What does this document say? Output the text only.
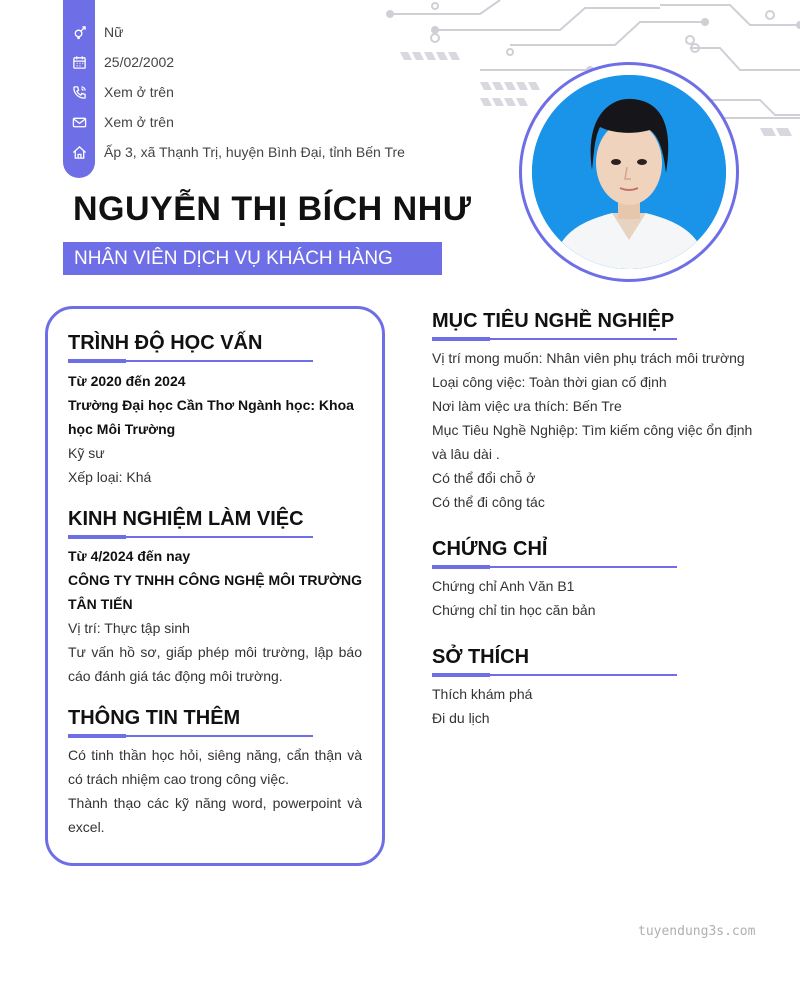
Nữ
25/02/2002
Xem ở trên
Xem ở trên
Ấp 3, xã Thạnh Trị, huyện Bình Đại, tỉnh Bến Tre
NGUYỄN THỊ BÍCH NHƯ
NHÂN VIÊN DỊCH VỤ KHÁCH HÀNG
TRÌNH ĐỘ HỌC VẤN
Từ 2020 đến 2024
Trường Đại học Cần Thơ Ngành học: Khoa học Môi Trường
Kỹ sư
Xếp loại: Khá
KINH NGHIỆM LÀM VIỆC
Từ 4/2024 đến nay
CÔNG TY TNHH CÔNG NGHỆ MÔI TRƯỜNG TÂN TIẾN
Vị trí: Thực tập sinh
Tư vấn hồ sơ, giấp phép môi trường, lập báo cáo đánh giá tác động môi trường.
THÔNG TIN THÊM
Có tinh thần học hỏi, siêng năng, cẩn thận và có trách nhiệm cao trong công việc.
Thành thạo các kỹ năng word, powerpoint và excel.
MỤC TIÊU NGHỀ NGHIỆP
Vị trí mong muốn: Nhân viên phụ trách môi trường
Loại công việc: Toàn thời gian cố định
Nơi làm việc ưa thích: Bến Tre
Mục Tiêu Nghề Nghiệp: Tìm kiếm công việc ổn định
và lâu dài .
Có thể đổi chỗ ở
Có thể đi công tác
CHỨNG CHỈ
Chứng chỉ Anh Văn B1
Chứng chỉ tin học căn bản
SỞ THÍCH
Thích khám phá
Đi du lịch
tuyendung3s.com
